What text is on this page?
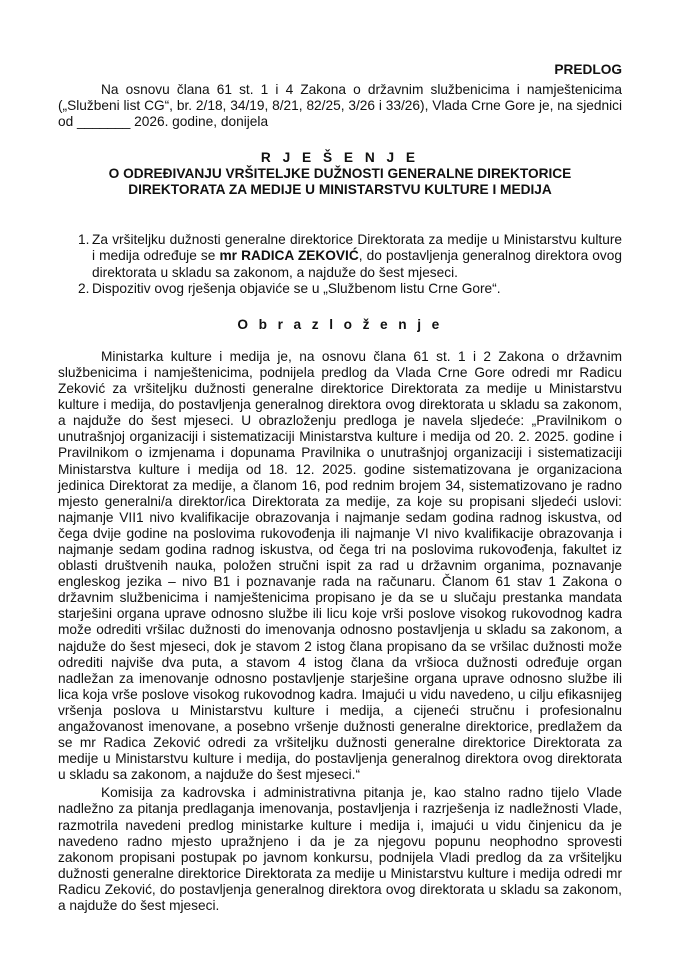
PREDLOG

Na osnovu člana 61 st. 1 i 4 Zakona o državnim službenicima i namještenicima („Službeni list CG“, br. 2/18, 34/19, 8/21, 82/25, 3/26 i 33/26), Vlada Crne Gore je, na sjednici od _______ 2026. godine, donijela

R J E Š E N J E
O ODREĐIVANJU VRŠITELJKE DUŽNOSTI GENERALNE DIREKTORICE
DIREKTORATA ZA MEDIJE U MINISTARSTVU KULTURE I MEDIJA
1. Za vršiteljku dužnosti generalne direktorice Direktorata za medije u Ministarstvu kulture i medija određuje se mr RADICA ZEKOVIĆ, do postavljenja generalnog direktora ovog direktorata u skladu sa zakonom, a najduže do šest mjeseci.
2. Dispozitiv ovog rješenja objaviće se u „Službenom listu Crne Gore“.
O b r a z l o ž e n j e

Ministarka kulture i medija je, na osnovu člana 61 st. 1 i 2 Zakona o državnim službenicima i namještenicima, podnijela predlog da Vlada Crne Gore odredi mr Radicu Zeković za vršiteljku dužnosti generalne direktorice Direktorata za medije u Ministarstvu kulture i medija, do postavljenja generalnog direktora ovog direktorata u skladu sa zakonom, a najduže do šest mjeseci. U obrazloženju predloga je navela sljedeće: „Pravilnikom o unutrašnjoj organizaciji i sistematizaciji Ministarstva kulture i medija od 20. 2. 2025. godine i Pravilnikom o izmjenama i dopunama Pravilnika o unutrašnjoj organizaciji i sistematizaciji Ministarstva kulture i medija od 18. 12. 2025. godine sistematizovana je organizaciona jedinica Direktorat za medije, a članom 16, pod rednim brojem 34, sistematizovano je radno mjesto generalni/a direktor/ica Direktorata za medije, za koje su propisani sljedeći uslovi: najmanje VII1 nivo kvalifikacije obrazovanja i najmanje sedam godina radnog iskustva, od čega dvije godine na poslovima rukovođenja ili najmanje VI nivo kvalifikacije obrazovanja i najmanje sedam godina radnog iskustva, od čega tri na poslovima rukovođenja, fakultet iz oblasti društvenih nauka, položen stručni ispit za rad u državnim organima, poznavanje engleskog jezika – nivo B1 i poznavanje rada na računaru. Članom 61 stav 1 Zakona o državnim službenicima i namještenicima propisano je da se u slučaju prestanka mandata starješini organa uprave odnosno službe ili licu koje vrši poslove visokog rukovodnog kadra može odrediti vršilac dužnosti do imenovanja odnosno postavljenja u skladu sa zakonom, a najduže do šest mjeseci, dok je stavom 2 istog člana propisano da se vršilac dužnosti može odrediti najviše dva puta, a stavom 4 istog člana da vršioca dužnosti određuje organ nadležan za imenovanje odnosno postavljenje starješine organa uprave odnosno službe ili lica koja vrše poslove visokog rukovodnog kadra. Imajući u vidu navedeno, u cilju efikasnijeg vršenja poslova u Ministarstvu kulture i medija, a cijeneći stručnu i profesionalnu angažovanost imenovane, a posebno vršenje dužnosti generalne direktorice, predlažem da se mr Radica Zeković odredi za vršiteljku dužnosti generalne direktorice Direktorata za medije u Ministarstvu kulture i medija, do postavljenja generalnog direktora ovog direktorata u skladu sa zakonom, a najduže do šest mjeseci.“

Komisija za kadrovska i administrativna pitanja je, kao stalno radno tijelo Vlade nadležno za pitanja predlaganja imenovanja, postavljenja i razrješenja iz nadležnosti Vlade, razmotrila navedeni predlog ministarke kulture i medija i, imajući u vidu činjenicu da je navedeno radno mjesto upražnjeno i da je za njegovu popunu neophodno sprovesti zakonom propisani postupak po javnom konkursu, podnijela Vladi predlog da za vršiteljku dužnosti generalne direktorice Direktorata za medije u Ministarstvu kulture i medija odredi mr Radicu Zeković, do postavljenja generalnog direktora ovog direktorata u skladu sa zakonom, a najduže do šest mjeseci.
